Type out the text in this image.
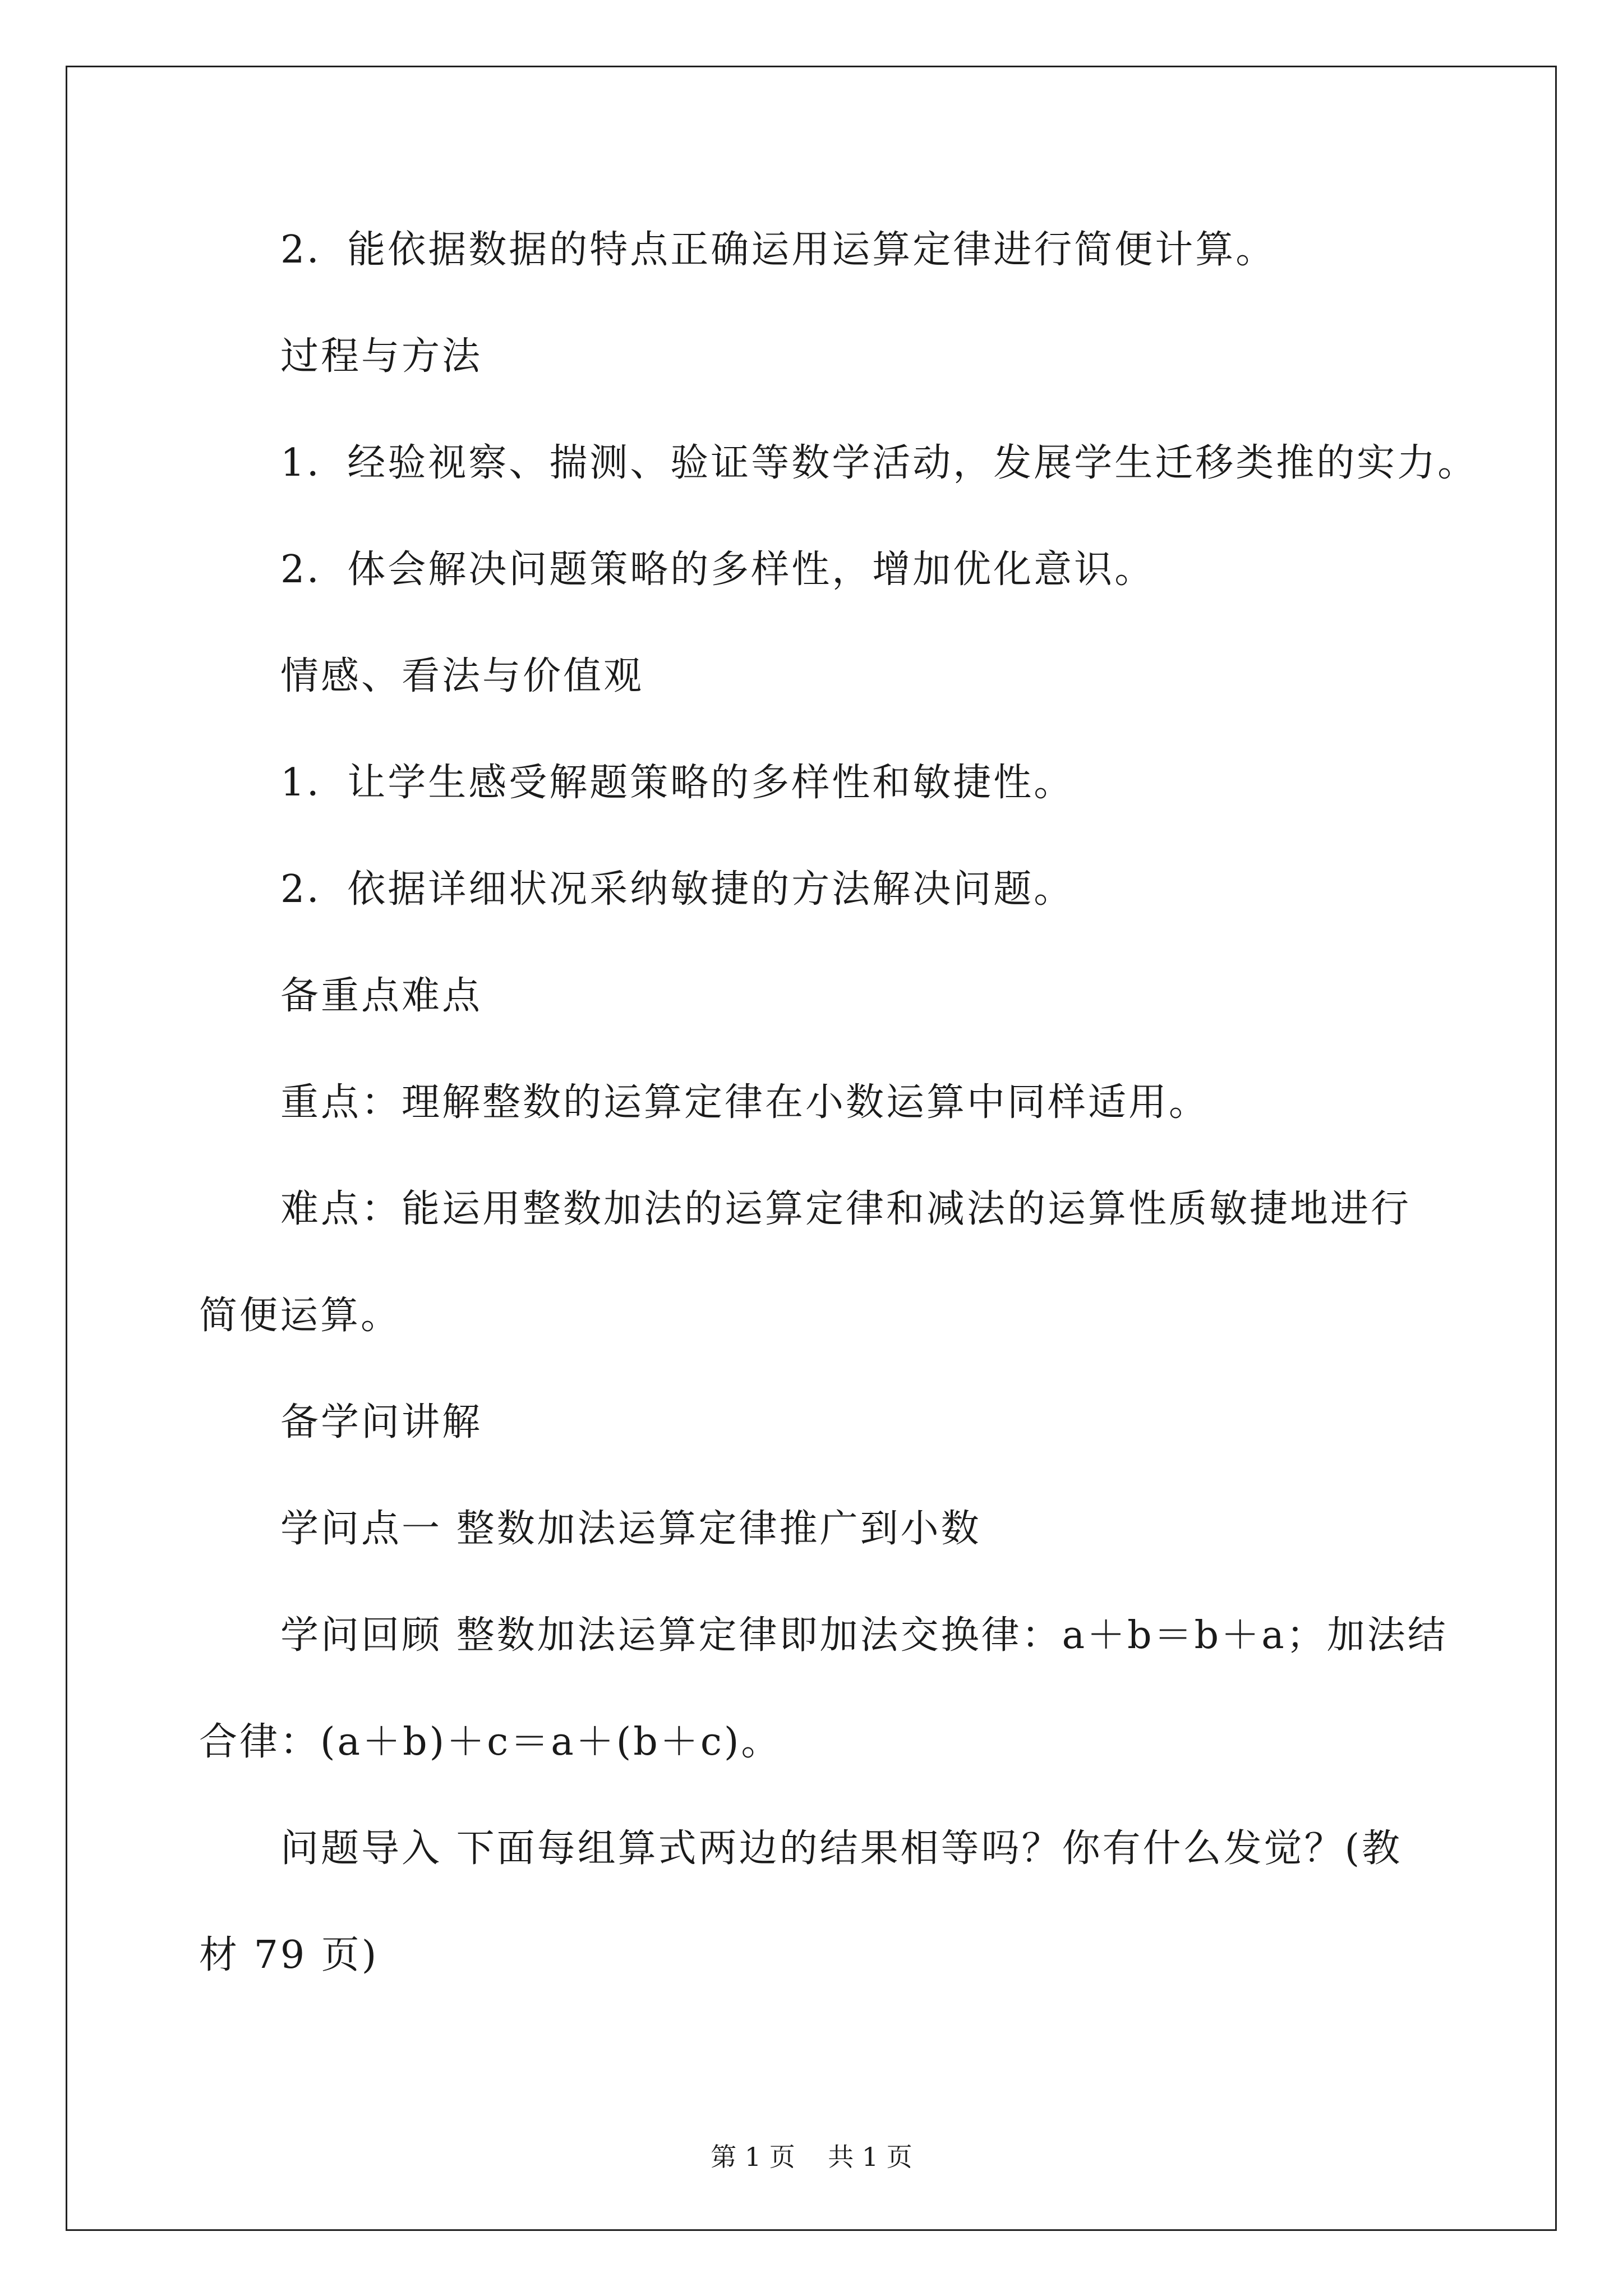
2．能依据数据的特点正确运用运算定律进行简便计算。
过程与方法
1．经验视察、揣测、验证等数学活动，发展学生迁移类推的实力。
2．体会解决问题策略的多样性，增加优化意识。
情感、看法与价值观
1．让学生感受解题策略的多样性和敏捷性。
2．依据详细状况采纳敏捷的方法解决问题。
备重点难点
重点：理解整数的运算定律在小数运算中同样适用。
难点：能运用整数加法的运算定律和减法的运算性质敏捷地进行
简便运算。
备学问讲解
学问点一 整数加法运算定律推广到小数
学问回顾 整数加法运算定律即加法交换律：a＋b＝b＋a；加法结
合律：(a＋b)＋c＝a＋(b＋c)。
问题导入 下面每组算式两边的结果相等吗？你有什么发觉？(教
材 79 页)
第 1 页    共 1 页
